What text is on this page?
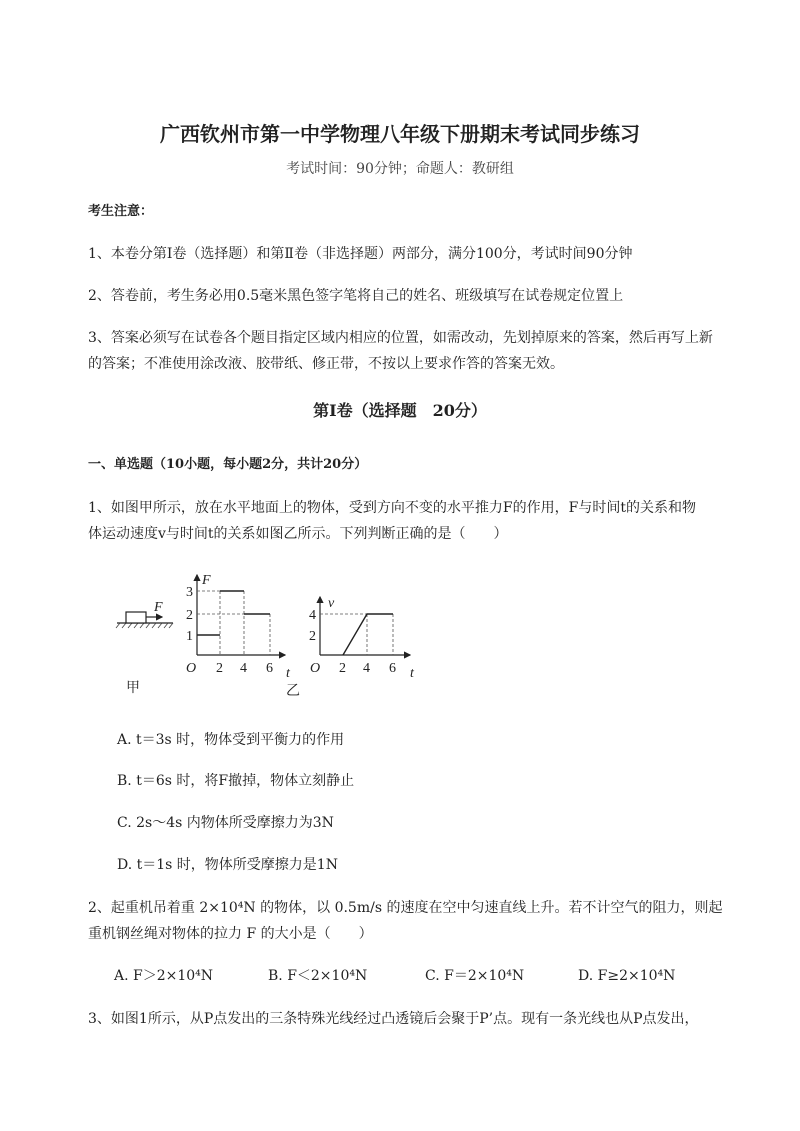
广西钦州市第一中学物理八年级下册期末考试同步练习
考试时间：90分钟；命题人：教研组
考生注意：
1、本卷分第I卷（选择题）和第Ⅱ卷（非选择题）两部分，满分100分，考试时间90分钟
2、答卷前，考生务必用0.5毫米黑色签字笔将自己的姓名、班级填写在试卷规定位置上
3、答案必须写在试卷各个题目指定区域内相应的位置，如需改动，先划掉原来的答案，然后再写上新
的答案；不准使用涂改液、胶带纸、修正带，不按以上要求作答的答案无效。
第I卷（选择题　20分）
一、单选题（10小题，每小题2分，共计20分）
1、如图甲所示，放在水平地面上的物体，受到方向不变的水平推力F的作用，F与时间t的关系和物
体运动速度v与时间t的关系如图乙所示。下列判断正确的是（　　）
F
甲
F
1
2
3
O 2 4 6 t
乙
v
2
4
O 2 4 6 t
A. t＝3s 时，物体受到平衡力的作用
B. t＝6s 时，将F撤掉，物体立刻静止
C. 2s～4s 内物体所受摩擦力为3N
D. t＝1s 时，物体所受摩擦力是1N
2、起重机吊着重 2×10⁴N 的物体，以 0.5m/s 的速度在空中匀速直线上升。若不计空气的阻力，则起
重机钢丝绳对物体的拉力 F 的大小是（　　）
A. F＞2×10⁴N	B. F＜2×10⁴N	C. F＝2×10⁴N	D. F≥2×10⁴N
3、如图1所示，从P点发出的三条特殊光线经过凸透镜后会聚于P’点。现有一条光线也从P点发出，
